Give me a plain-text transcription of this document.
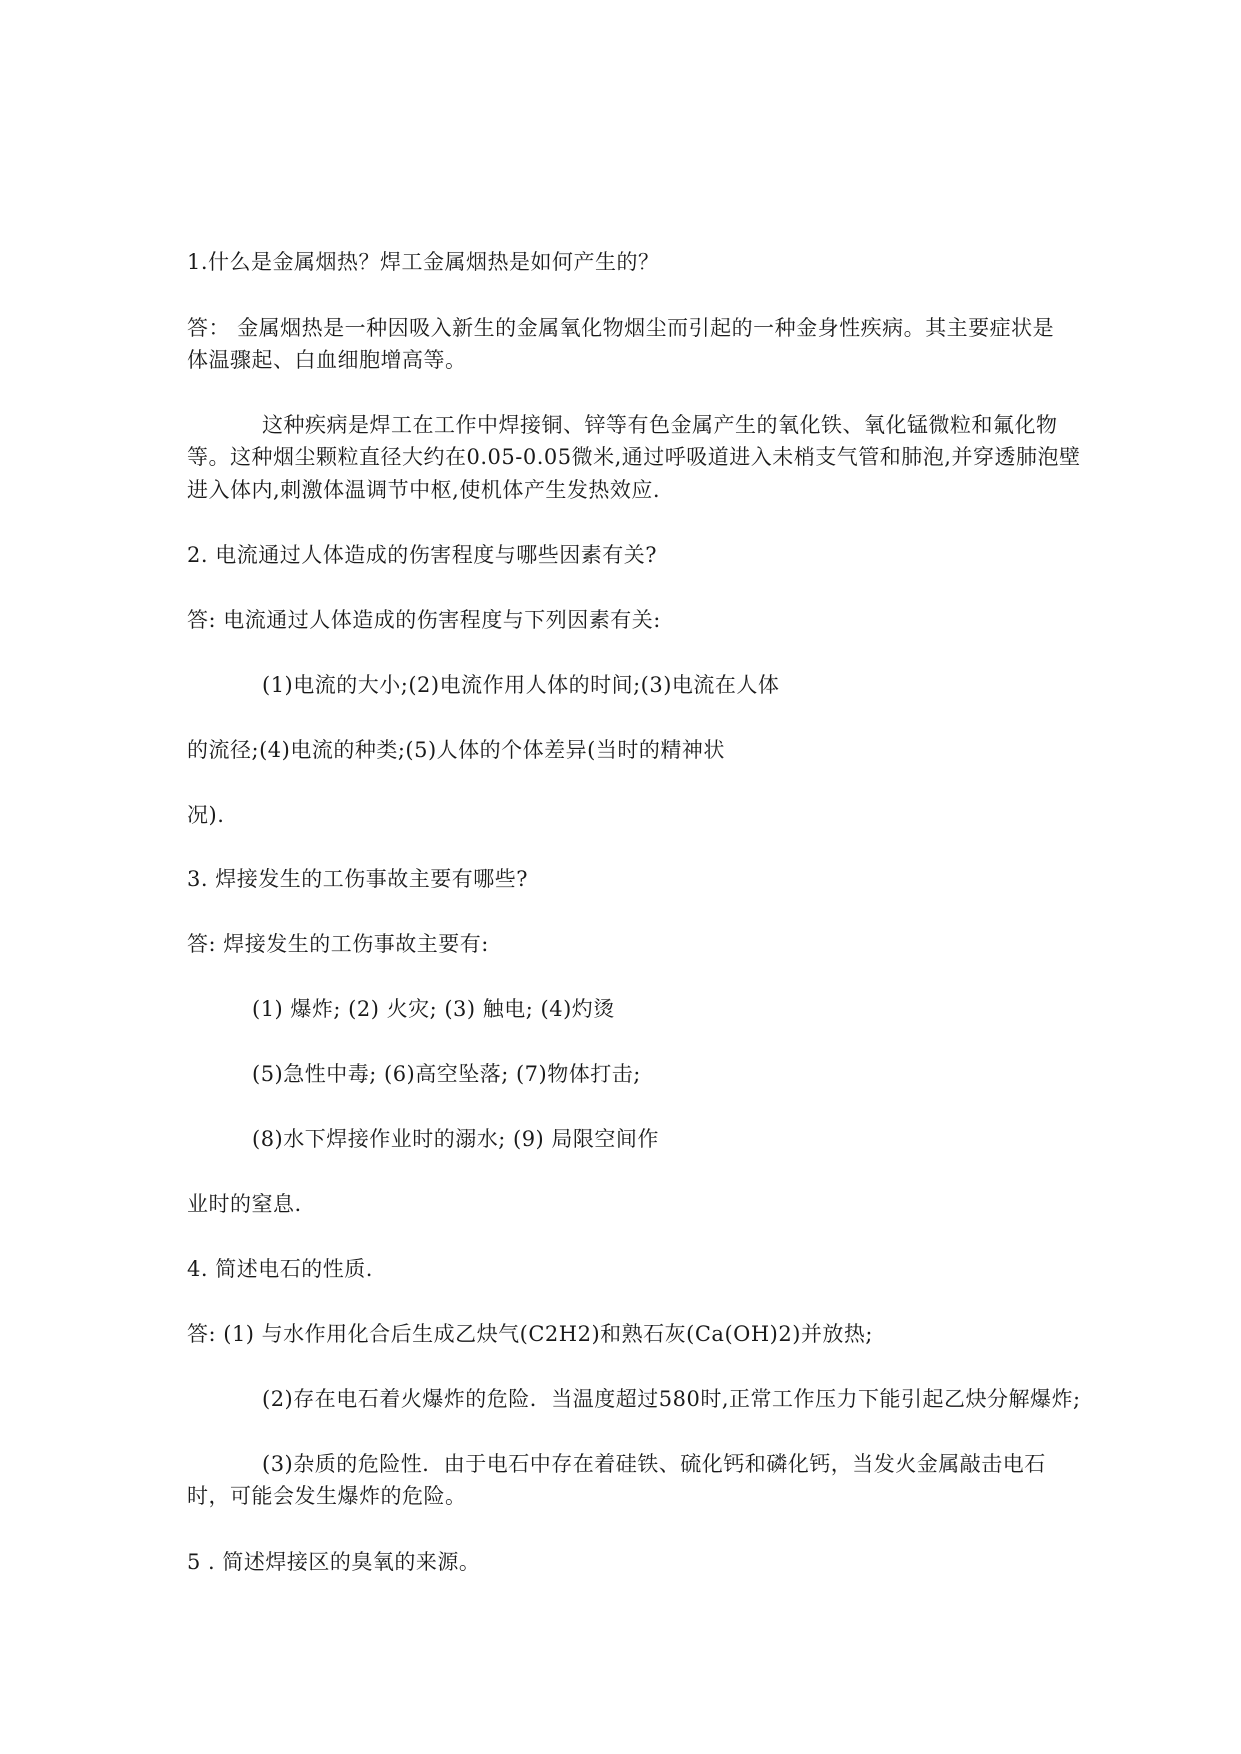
1.什么是金属烟热？焊工金属烟热是如何产生的？
答： 金属烟热是一种因吸入新生的金属氧化物烟尘而引起的一种金身性疾病。其主要症状是
体温骤起、白血细胞增高等。
这种疾病是焊工在工作中焊接铜、锌等有色金属产生的氧化铁、氧化锰微粒和氟化物
等。这种烟尘颗粒直径大约在0.05-0.05微米,通过呼吸道进入未梢支气管和肺泡,并穿透肺泡壁
进入体内,刺激体温调节中枢,使机体产生发热效应.
2. 电流通过人体造成的伤害程度与哪些因素有关?
答: 电流通过人体造成的伤害程度与下列因素有关:
(1)电流的大小;(2)电流作用人体的时间;(3)电流在人体
的流径;(4)电流的种类;(5)人体的个体差异(当时的精神状
况).
3. 焊接发生的工伤事故主要有哪些?
答: 焊接发生的工伤事故主要有:
(1) 爆炸; (2) 火灾; (3) 触电; (4)灼烫
(5)急性中毒; (6)高空坠落; (7)物体打击;
(8)水下焊接作业时的溺水; (9) 局限空间作
业时的窒息.
4. 简述电石的性质.
答: (1) 与水作用化合后生成乙炔气(C2H2)和熟石灰(Ca(OH)2)并放热;
(2)存在电石着火爆炸的危险．当温度超过580时,正常工作压力下能引起乙炔分解爆炸;
(3)杂质的危险性．由于电石中存在着硅铁、硫化钙和磷化钙，当发火金属敲击电石
时，可能会发生爆炸的危险。
5 . 简述焊接区的臭氧的来源。
